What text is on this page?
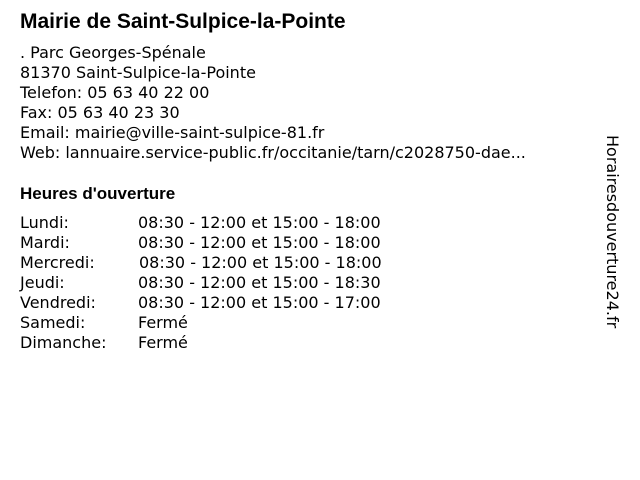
Mairie de Saint-Sulpice-la-Pointe
. Parc Georges-Spénale
81370 Saint-Sulpice-la-Pointe
Telefon: 05 63 40 22 00
Fax: 05 63 40 23 30
Email: mairie@ville-saint-sulpice-81.fr
Web: lannuaire.service-public.fr/occitanie/tarn/c2028750-dae...
Heures d'ouverture
Lundi:	08:30 - 12:00 et 15:00 - 18:00
Mardi:	08:30 - 12:00 et 15:00 - 18:00
Mercredi:	08:30 - 12:00 et 15:00 - 18:00
Jeudi:	08:30 - 12:00 et 15:00 - 18:30
Vendredi:	08:30 - 12:00 et 15:00 - 17:00
Samedi:	Fermé
Dimanche: Fermé
Horairesdouverture24.fr
